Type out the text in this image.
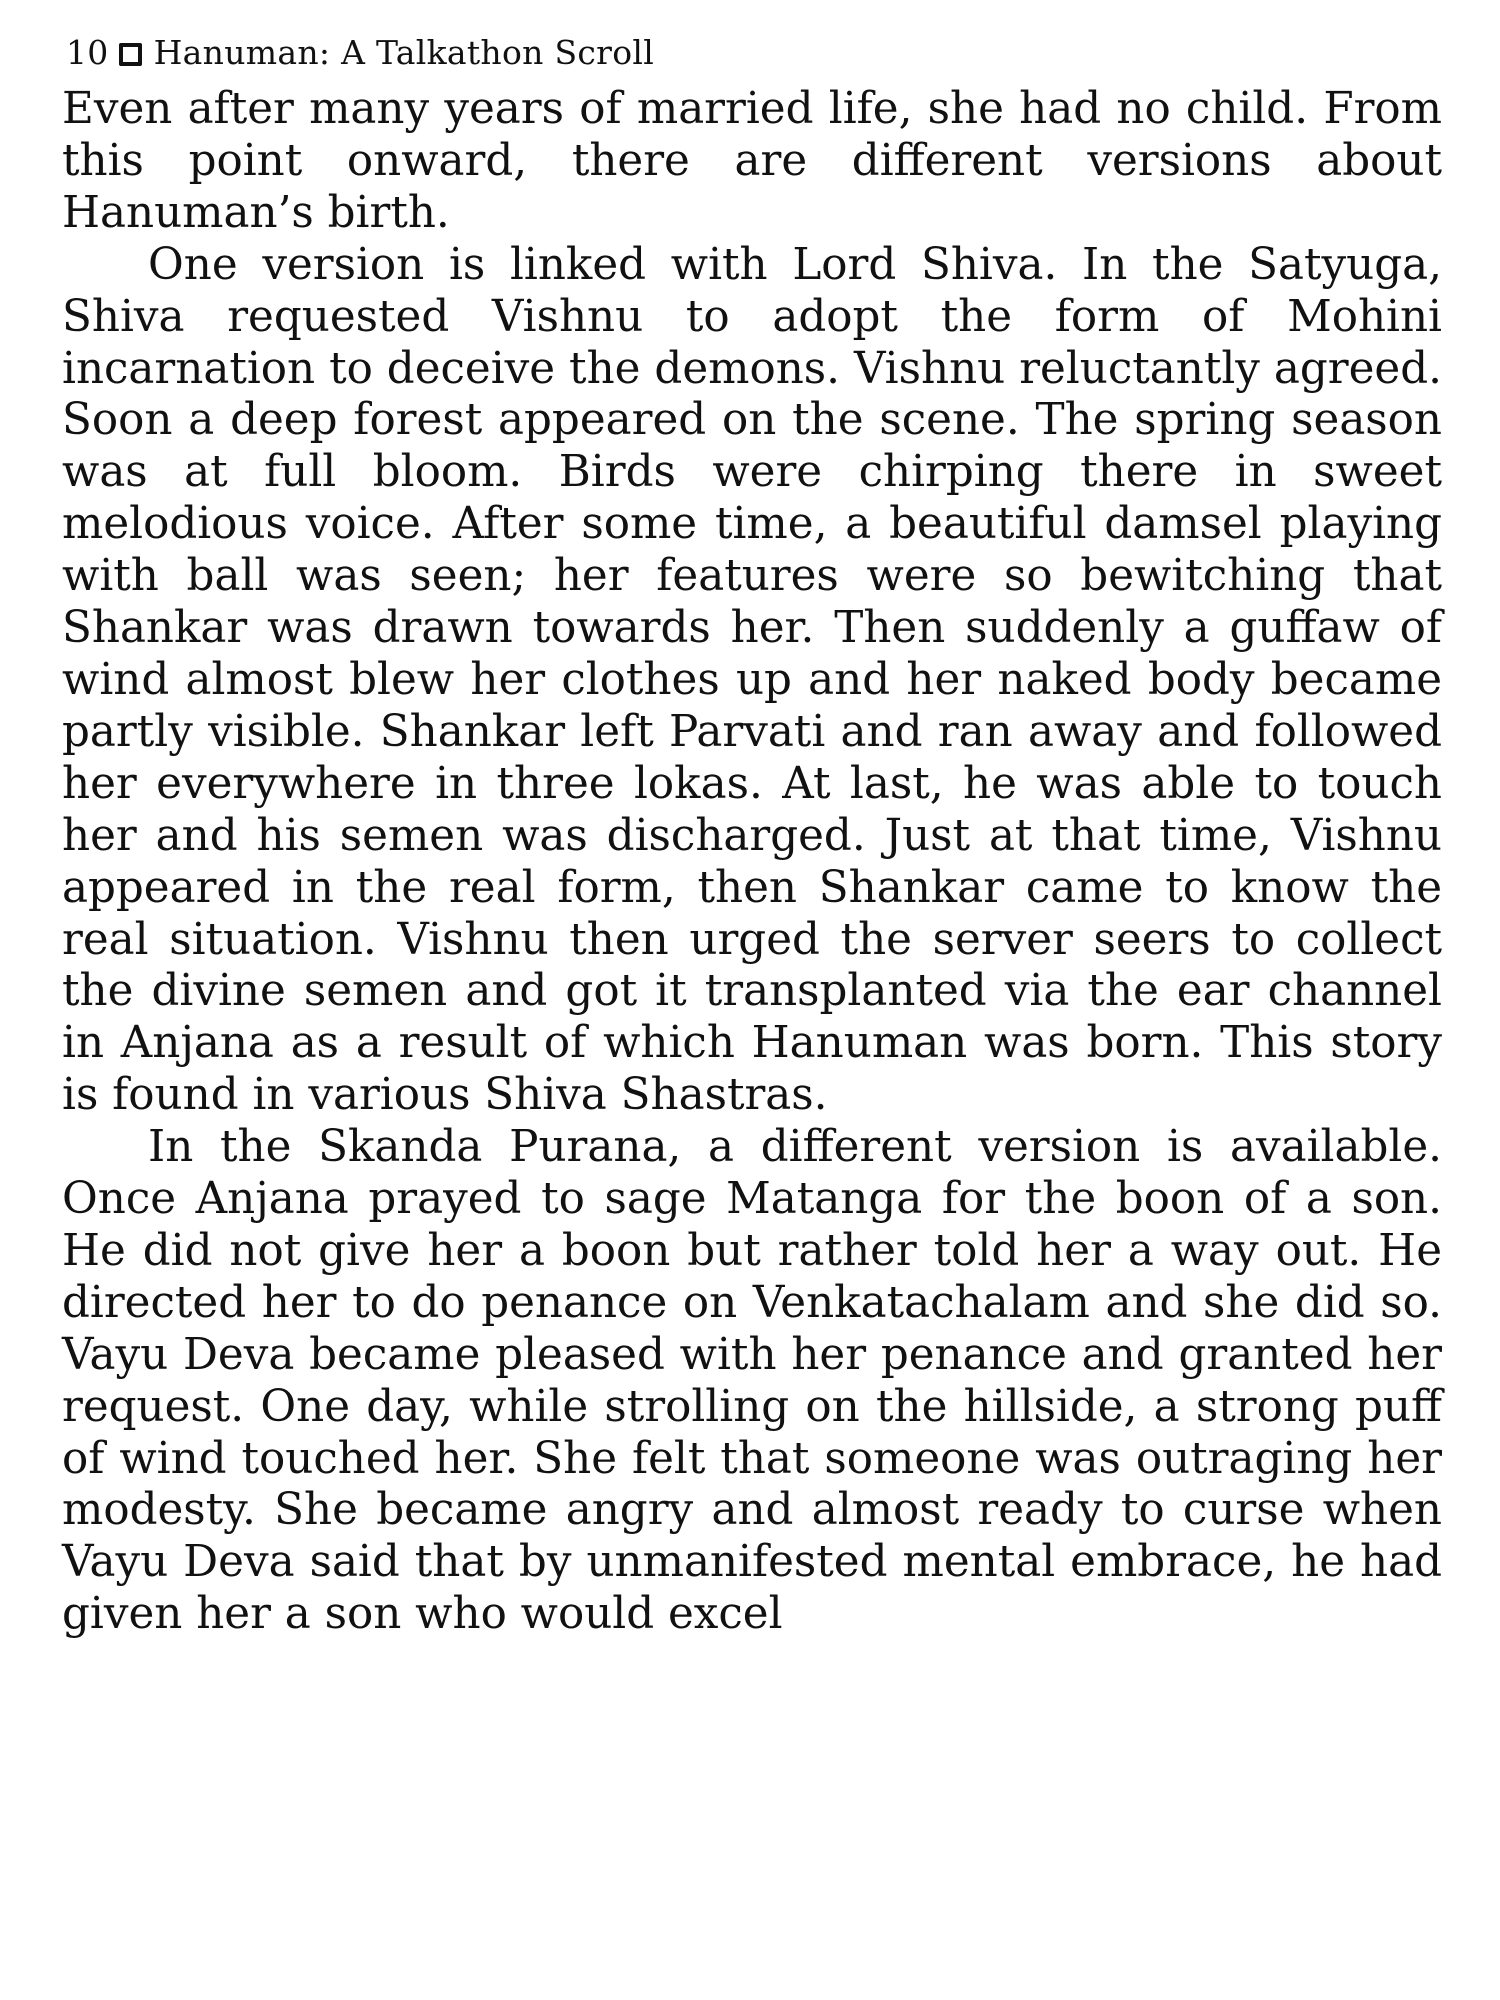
10 Hanuman: A Talkathon Scroll

Even after many years of married life, she had no child. From this point onward, there are different versions about Hanuman’s birth.

One version is linked with Lord Shiva. In the Satyuga, Shiva requested Vishnu to adopt the form of Mohini incarnation to deceive the demons. Vishnu reluctantly agreed. Soon a deep forest appeared on the scene. The spring season was at full bloom. Birds were chirping there in sweet melodious voice. After some time, a beautiful damsel playing with ball was seen; her features were so bewitching that Shankar was drawn towards her. Then suddenly a guffaw of wind almost blew her clothes up and her naked body became partly visible. Shankar left Parvati and ran away and followed her everywhere in three lokas. At last, he was able to touch her and his semen was discharged. Just at that time, Vishnu appeared in the real form, then Shankar came to know the real situation. Vishnu then urged the server seers to collect the divine semen and got it transplanted via the ear channel in Anjana as a result of which Hanuman was born. This story is found in various Shiva Shastras.

In the Skanda Purana, a different version is available. Once Anjana prayed to sage Matanga for the boon of a son. He did not give her a boon but rather told her a way out. He directed her to do penance on Venkatachalam and she did so. Vayu Deva became pleased with her penance and granted her request. One day, while strolling on the hillside, a strong puff of wind touched her. She felt that someone was outraging her modesty. She became angry and almost ready to curse when Vayu Deva said that by unmanifested mental embrace, he had given her a son who would excel
